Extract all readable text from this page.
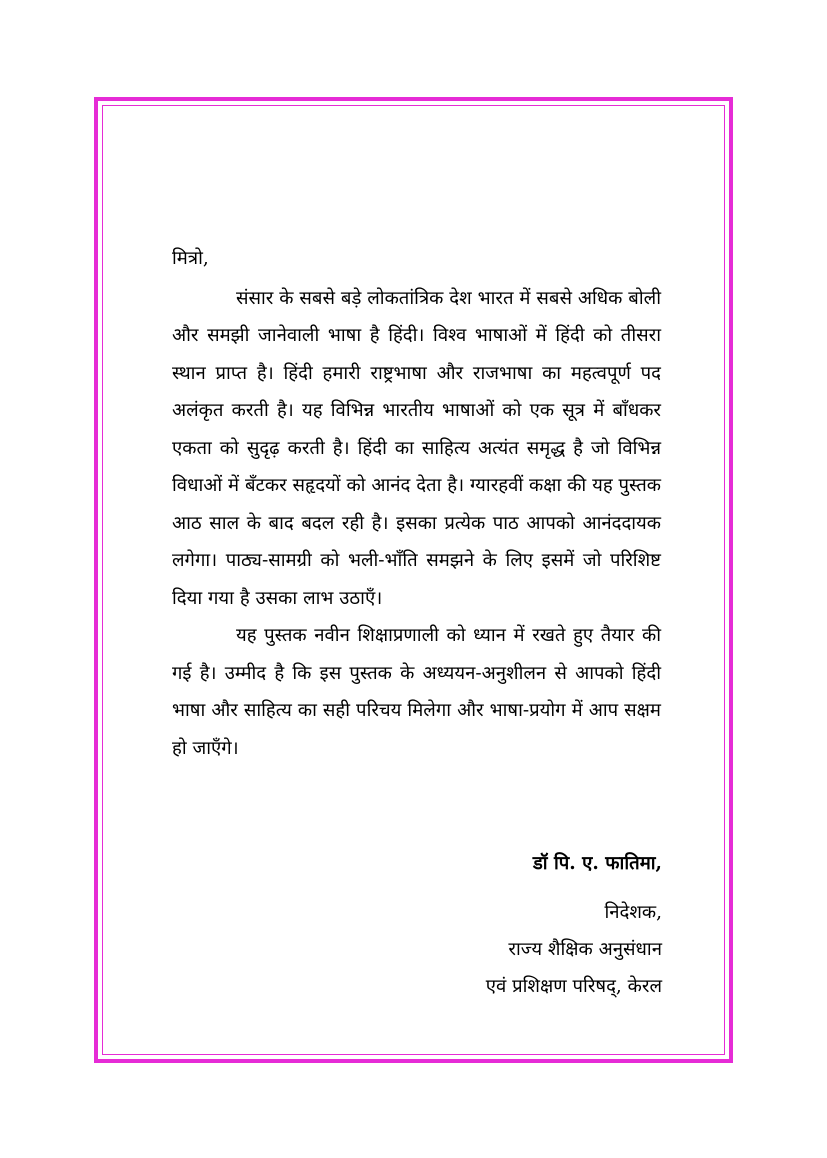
मित्रो,

संसार के सबसे बड़े लोकतांत्रिक देश भारत में सबसे अधिक बोली और समझी जानेवाली भाषा है हिंदी। विश्व भाषाओं में हिंदी को तीसरा स्थान प्राप्त है। हिंदी हमारी राष्ट्रभाषा और राजभाषा का महत्वपूर्ण पद अलंकृत करती है। यह विभिन्न भारतीय भाषाओं को एक सूत्र में बाँधकर एकता को सुदृढ़ करती है। हिंदी का साहित्य अत्यंत समृद्ध है जो विभिन्न विधाओं में बँटकर सहृदयों को आनंद देता है। ग्यारहवीं कक्षा की यह पुस्तक आठ साल के बाद बदल रही है। इसका प्रत्येक पाठ आपको आनंददायक लगेगा। पाठ्य-सामग्री को भली-भाँति समझने के लिए इसमें जो परिशिष्ट दिया गया है उसका लाभ उठाएँ।

यह पुस्तक नवीन शिक्षाप्रणाली को ध्यान में रखते हुए तैयार की गई है। उम्मीद है कि इस पुस्तक के अध्ययन-अनुशीलन से आपको हिंदी भाषा और साहित्य का सही परिचय मिलेगा और भाषा-प्रयोग में आप सक्षम हो जाएँगे।

डॉ पि. ए. फातिमा,
निदेशक,
राज्य शैक्षिक अनुसंधान
एवं प्रशिक्षण परिषद्, केरल
